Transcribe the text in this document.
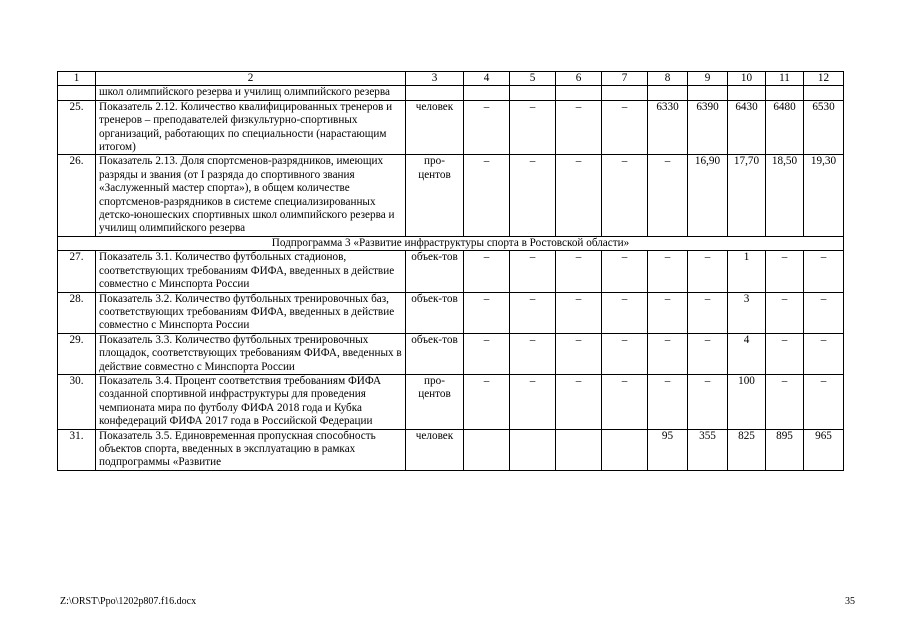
1	2	3	4	5	6	7	8	9	10	11	12
	школ олимпийского резерва и училищ олимпийского резерва										
25.	Показатель 2.12. Количество квалифицированных тренеров и тренеров – преподавателей физкультурно-спортивных организаций, работающих по специальности (нарастающим итогом)	человек	–	–	–	–	6330	6390	6430	6480	6530
26.	Показатель 2.13. Доля спортсменов-разрядников, имеющих разряды и звания (от I разряда до спортивного звания «Заслуженный мастер спорта»), в общем количестве спортсменов-разрядников в системе специализированных детско-юношеских спортивных школ олимпийского резерва и училищ олимпийского резерва	про-центов	–	–	–	–	–	16,90	17,70	18,50	19,30
Подпрограмма 3 «Развитие инфраструктуры спорта в Ростовской области»											
27.	Показатель 3.1. Количество футбольных стадионов, соответствующих требованиям ФИФА, введенных в действие совместно с Минспорта России	объек-тов	–	–	–	–	–	–	1	–	–
28.	Показатель 3.2. Количество футбольных тренировочных баз, соответствующих требованиям ФИФА, введенных в действие совместно с Минспорта России	объек-тов	–	–	–	–	–	–	3	–	–
29.	Показатель 3.3. Количество футбольных тренировочных площадок, соответствующих требованиям ФИФА, введенных в действие совместно с Минспорта России	объек-тов	–	–	–	–	–	–	4	–	–
30.	Показатель 3.4. Процент соответствия требованиям ФИФА созданной спортивной инфраструктуры для проведения чемпионата мира по футболу ФИФА 2018 года и Кубка конфедераций ФИФА 2017 года в Российской Федерации	про-центов	–	–	–	–	–	–	100	–	–
31.	Показатель 3.5. Единовременная пропускная способность объектов спорта, введенных в эксплуатацию в рамках подпрограммы «Развитие	человек					95	355	825	895	965
Z:\ORST\Ppo\1202p807.f16.docx	35
